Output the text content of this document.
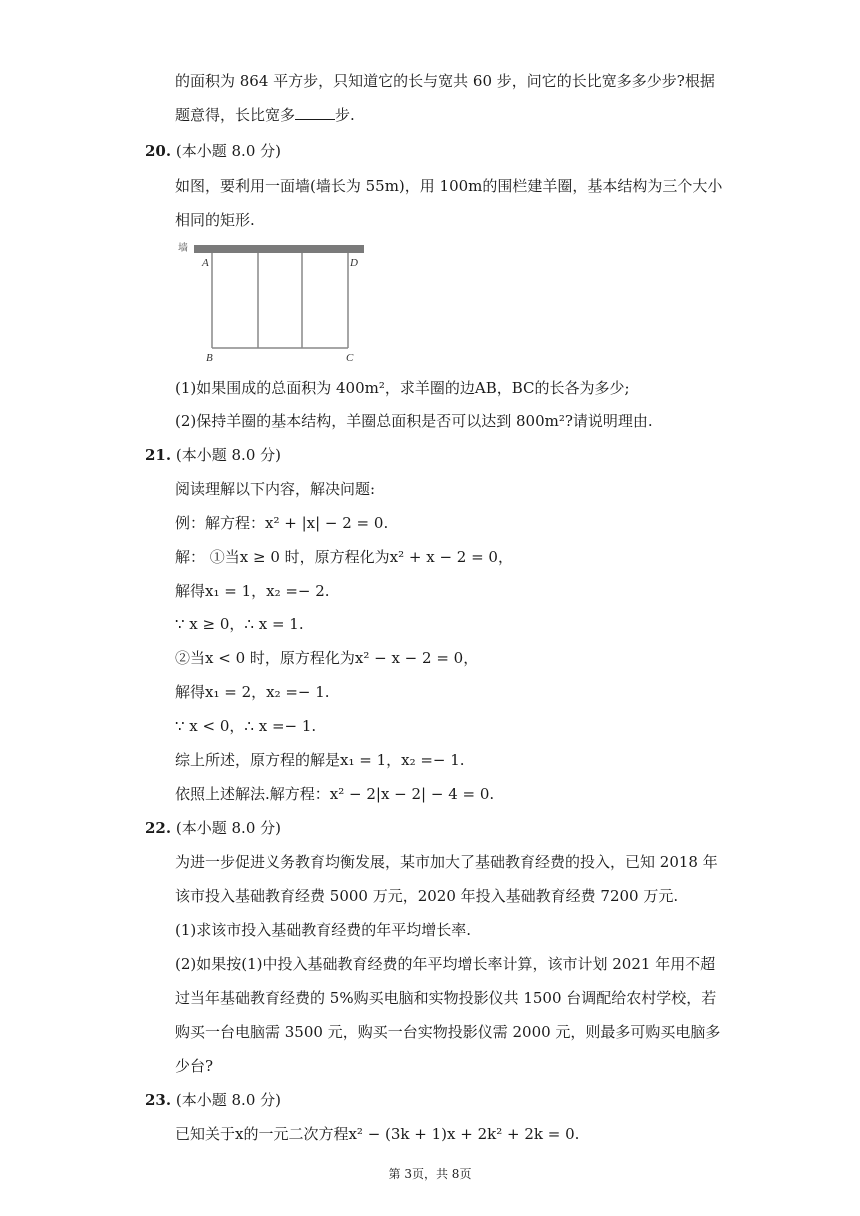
的面积为 864 平方步，只知道它的长与宽共 60 步，问它的长比宽多多少步?根据
题意得，长比宽多	步.
20. (本小题 8.0 分)
如图，要利用一面墙(墙长为 55m)，用 100m的围栏建羊圈，基本结构为三个大小
相同的矩形.
墙
A	D
B	C
(1)如果围成的总面积为 400m²，求羊圈的边AB，BC的长各为多少;
(2)保持羊圈的基本结构，羊圈总面积是否可以达到 800m²?请说明理由.
21. (本小题 8.0 分)
阅读理解以下内容，解决问题:
例：解方程：x² + |x| − 2 = 0.
解： ①当x ≥ 0 时，原方程化为x² + x − 2 = 0，
解得x₁ = 1，x₂ =− 2.
∵ x ≥ 0，∴ x = 1.
②当x < 0 时，原方程化为x² − x − 2 = 0，
解得x₁ = 2，x₂ =− 1.
∵ x < 0，∴ x =− 1.
综上所述，原方程的解是x₁ = 1，x₂ =− 1.
依照上述解法.解方程：x² − 2|x − 2| − 4 = 0.
22. (本小题 8.0 分)
为进一步促进义务教育均衡发展，某市加大了基础教育经费的投入，已知 2018 年
该市投入基础教育经费 5000 万元，2020 年投入基础教育经费 7200 万元.
(1)求该市投入基础教育经费的年平均增长率.
(2)如果按(1)中投入基础教育经费的年平均增长率计算，该市计划 2021 年用不超
过当年基础教育经费的 5%购买电脑和实物投影仪共 1500 台调配给农村学校，若
购买一台电脑需 3500 元，购买一台实物投影仪需 2000 元，则最多可购买电脑多
少台?
23. (本小题 8.0 分)
已知关于x的一元二次方程x² − (3k + 1)x + 2k² + 2k = 0.
第 3页，共 8页
